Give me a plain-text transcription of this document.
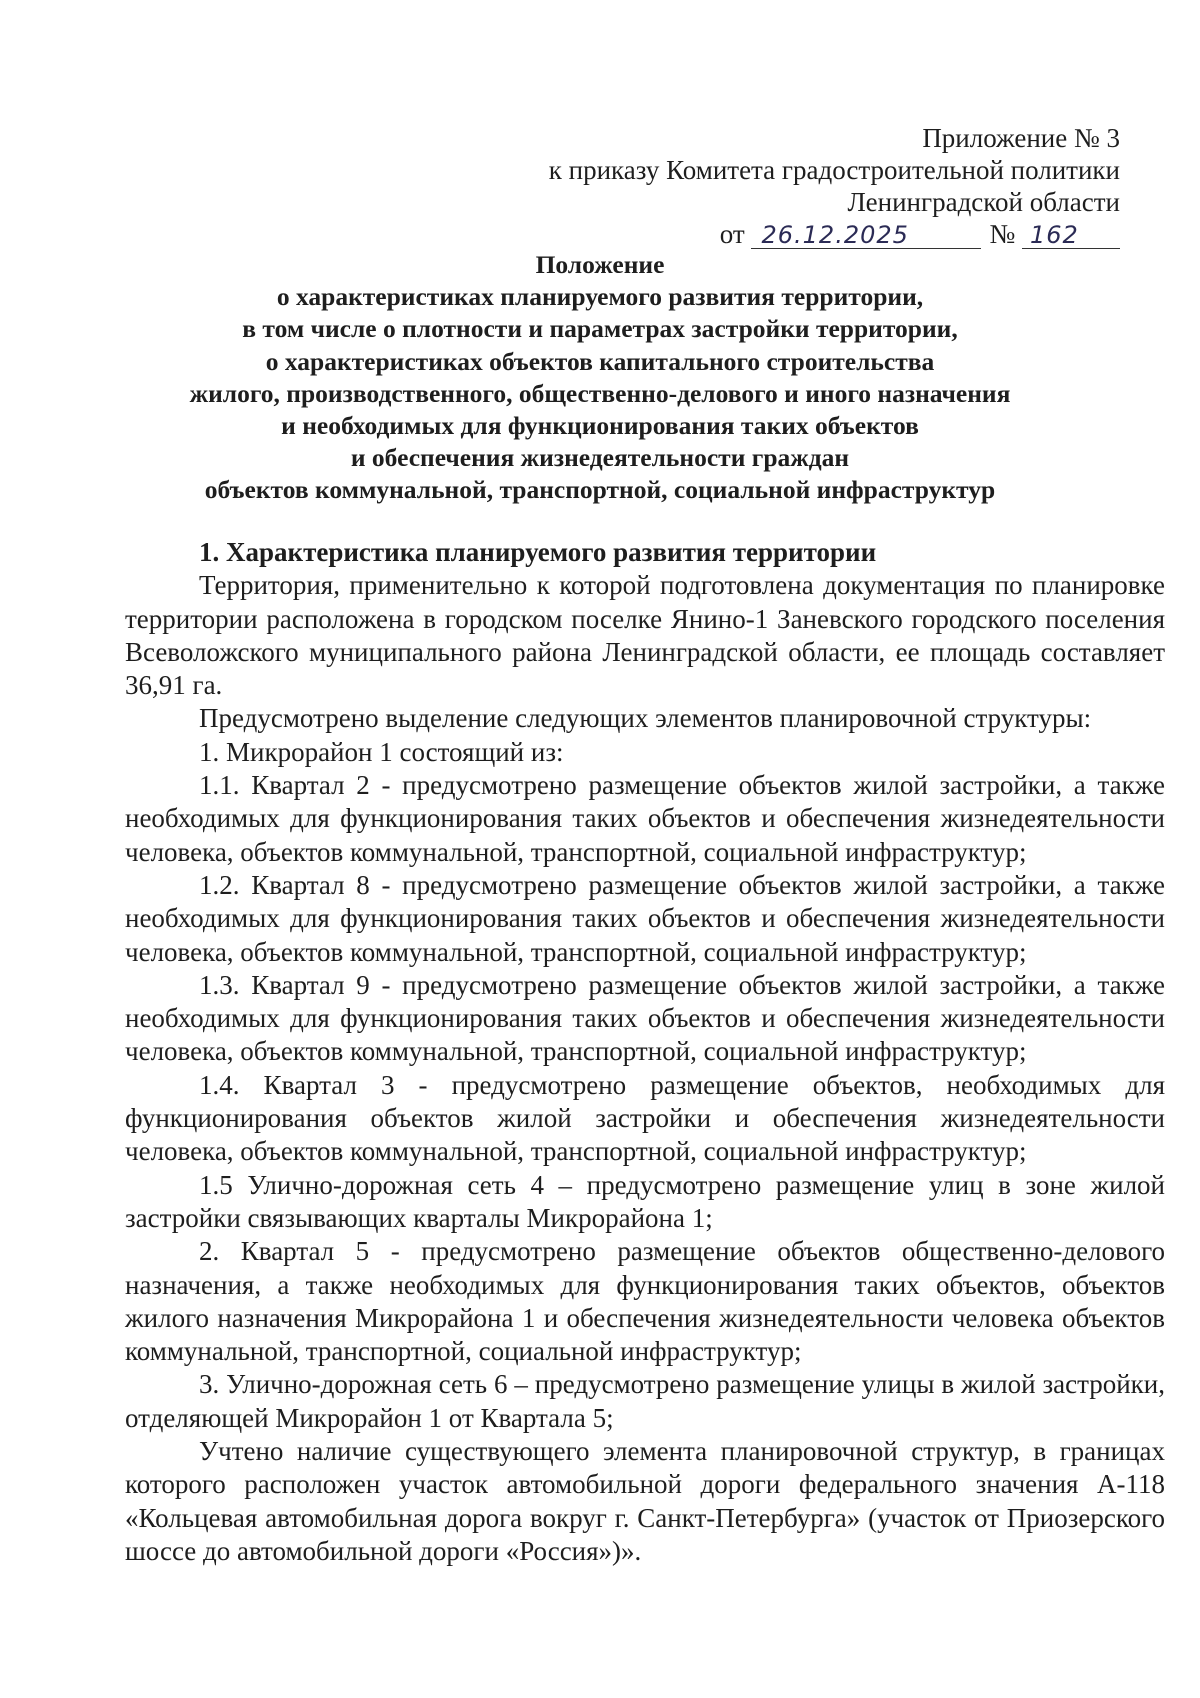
Приложение № 3
к приказу Комитета градостроительной политики
Ленинградской области
от 26.12.2025	№ 162
Положение
о характеристиках планируемого развития территории,
в том числе о плотности и параметрах застройки территории,
о характеристиках объектов капитального строительства
жилого, производственного, общественно-делового и иного назначения
и необходимых для функционирования таких объектов
и обеспечения жизнедеятельности граждан
объектов коммунальной, транспортной, социальной инфраструктур
1. Характеристика планируемого развития территории

Территория, применительно к которой подготовлена документация по планировке территории расположена в городском поселке Янино-1 Заневского городского поселения Всеволожского муниципального района Ленинградской области, ее площадь составляет 36,91 га.

Предусмотрено выделение следующих элементов планировочной структуры:

1. Микрорайон 1 состоящий из:

1.1. Квартал 2 - предусмотрено размещение объектов жилой застройки, а также необходимых для функционирования таких объектов и обеспечения жизнедеятельности человека, объектов коммунальной, транспортной, социальной инфраструктур;

1.2. Квартал 8 - предусмотрено размещение объектов жилой застройки, а также необходимых для функционирования таких объектов и обеспечения жизнедеятельности человека, объектов коммунальной, транспортной, социальной инфраструктур;

1.3. Квартал 9 - предусмотрено размещение объектов жилой застройки, а также необходимых для функционирования таких объектов и обеспечения жизнедеятельности человека, объектов коммунальной, транспортной, социальной инфраструктур;

1.4. Квартал 3 - предусмотрено размещение объектов, необходимых для функционирования объектов жилой застройки и обеспечения жизнедеятельности человека, объектов коммунальной, транспортной, социальной инфраструктур;

1.5 Улично-дорожная сеть 4 – предусмотрено размещение улиц в зоне жилой застройки связывающих кварталы Микрорайона 1;

2. Квартал 5 - предусмотрено размещение объектов общественно-делового назначения, а также необходимых для функционирования таких объектов, объектов жилого назначения Микрорайона 1 и обеспечения жизнедеятельности человека объектов коммунальной, транспортной, социальной инфраструктур;

3. Улично-дорожная сеть 6 – предусмотрено размещение улицы в жилой застройки, отделяющей Микрорайон 1 от Квартала 5;

Учтено наличие существующего элемента планировочной структур, в границах которого расположен участок автомобильной дороги федерального значения А-118 «Кольцевая автомобильная дорога вокруг г. Санкт-Петербурга» (участок от Приозерского шоссе до автомобильной дороги «Россия»)».
